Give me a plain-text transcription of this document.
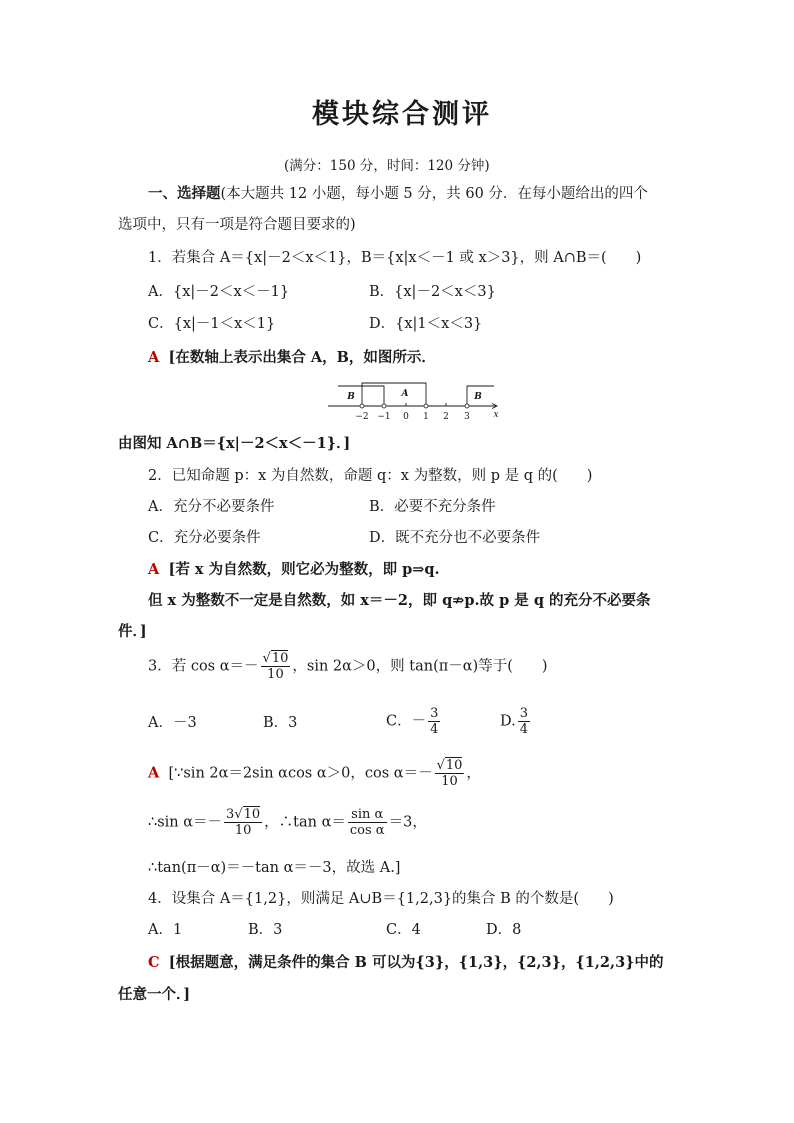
模块综合测评
(满分：150 分，时间：120 分钟)
一、选择题(本大题共 12 小题，每小题 5 分，共 60 分．在每小题给出的四个
选项中，只有一项是符合题目要求的)
1．若集合 A＝{x|－2＜x＜1}，B＝{x|x＜－1 或 x＞3}，则 A∩B＝(　　)
A．{x|－2＜x＜－1}	B．{x|－2＜x＜3}
C．{x|－1＜x＜1}	D．{x|1＜x＜3}
A [在数轴上表示出集合 A，B，如图所示．
B	A	B
−2 −1 0 1 2 3	x
由图知 A∩B＝{x|－2＜x＜－1}．]
2．已知命题 p：x 为自然数，命题 q：x 为整数，则 p 是 q 的(　　)
A．充分不必要条件	B．必要不充分条件
C．充分必要条件	D．既不充分也不必要条件
A [若 x 为自然数，则它必为整数，即 p⇒q.
但 x 为整数不一定是自然数，如 x＝－2，即 q⇏p.故 p 是 q 的充分不必要条
件．]
3．若 $\cos \alpha=- \frac{√10}{10}$ ，sin 2α＞0，则 tan(π－α)等于(　　)
A．－3	B．3	C．－ $\frac{3}{4}$	D. $\frac{3}{4}$
A [∵sin 2α＝2sin αcos α＞0，$\cos \alpha=- \frac{√10}{10}$ ，
∴sin $\alpha=- \frac{3√10}{10}$ ，∴tan $\alpha= \frac{\text{sin α}}{\text{cos α}} =3$，
∴tan(π－α)＝－tan α＝－3，故选 A.]
4．设集合 A＝{1,2}，则满足 A∪B＝{1,2,3}的集合 B 的个数是(　　)
A．1	B．3	C．4	D．8
C [根据题意，满足条件的集合 B 可以为{3}，{1,3}，{2,3}，{1,2,3}中的
任意一个．]
